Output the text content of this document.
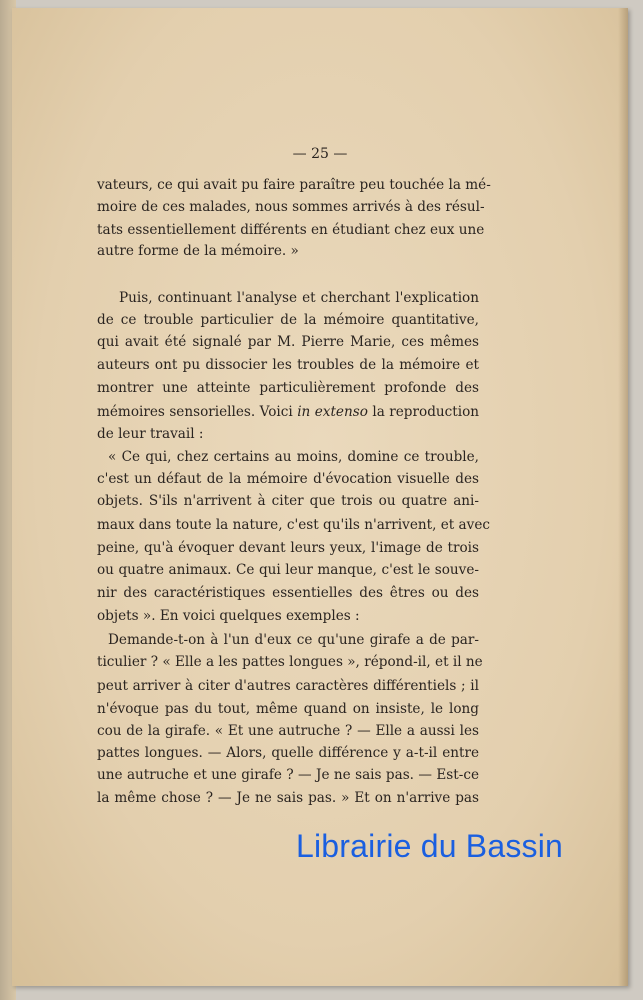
— 25 —
vateurs, ce qui avait pu faire paraître peu touchée la mé-
moire de ces malades, nous sommes arrivés à des résul-
tats essentiellement différents en étudiant chez eux une
autre forme de la mémoire. »
Puis, continuant l'analyse et cherchant l'explication
de ce trouble particulier de la mémoire quantitative,
qui avait été signalé par M. Pierre Marie, ces mêmes
auteurs ont pu dissocier les troubles de la mémoire et
montrer une atteinte particulièrement profonde des
mémoires sensorielles. Voici in extenso la reproduction
de leur travail :
« Ce qui, chez certains au moins, domine ce trouble,
c'est un défaut de la mémoire d'évocation visuelle des
objets. S'ils n'arrivent à citer que trois ou quatre ani-
maux dans toute la nature, c'est qu'ils n'arrivent, et avec
peine, qu'à évoquer devant leurs yeux, l'image de trois
ou quatre animaux. Ce qui leur manque, c'est le souve-
nir des caractéristiques essentielles des êtres ou des
objets ». En voici quelques exemples :
Demande-t-on à l'un d'eux ce qu'une girafe a de par-
ticulier ? « Elle a les pattes longues », répond-il, et il ne
peut arriver à citer d'autres caractères différentiels ; il
n'évoque pas du tout, même quand on insiste, le long
cou de la girafe. « Et une autruche ? — Elle a aussi les
pattes longues. — Alors, quelle différence y a-t-il entre
une autruche et une girafe ? — Je ne sais pas. — Est-ce
la même chose ? — Je ne sais pas. » Et on n'arrive pas
Librairie du Bassin
